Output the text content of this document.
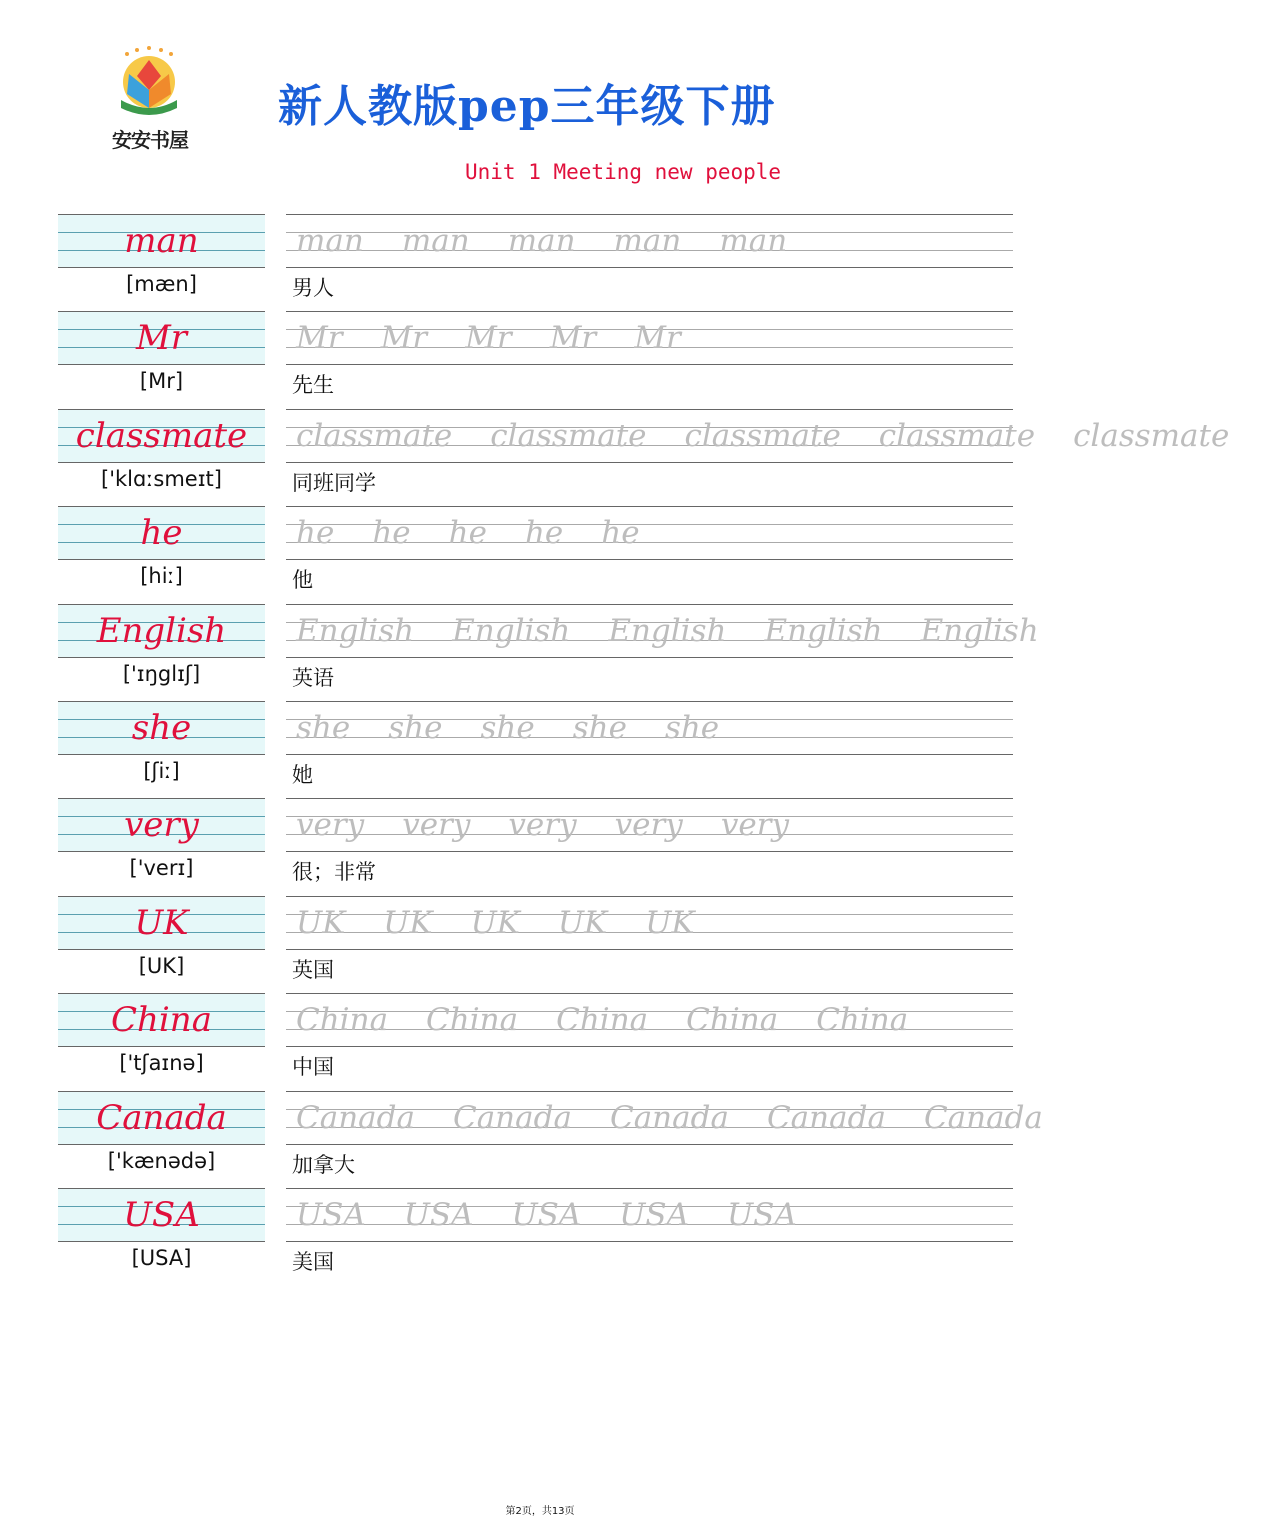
安安书屋
新人教版pep三年级下册
Unit 1 Meeting new people
man	man man man man man
[mæn]	男人
Mr	Mr Mr Mr Mr Mr
[Mr]	先生
classmate	classmate classmate classmate classmate classmate
['klɑːsmeɪt]	同班同学
he	he he he he he
[hiː]	他
English	English English English English English
['ɪŋglɪʃ]	英语
she	she she she she she
[ʃiː]	她
very	very very very very very
['verɪ]	很；非常
UK	UK UK UK UK UK
[UK]	英国
China	China China China China China
['tʃaɪnə]	中国
Canada	Canada Canada Canada Canada Canada
['kænədə]	加拿大
USA	USA USA USA USA USA
[USA]	美国
第2页，共13页
